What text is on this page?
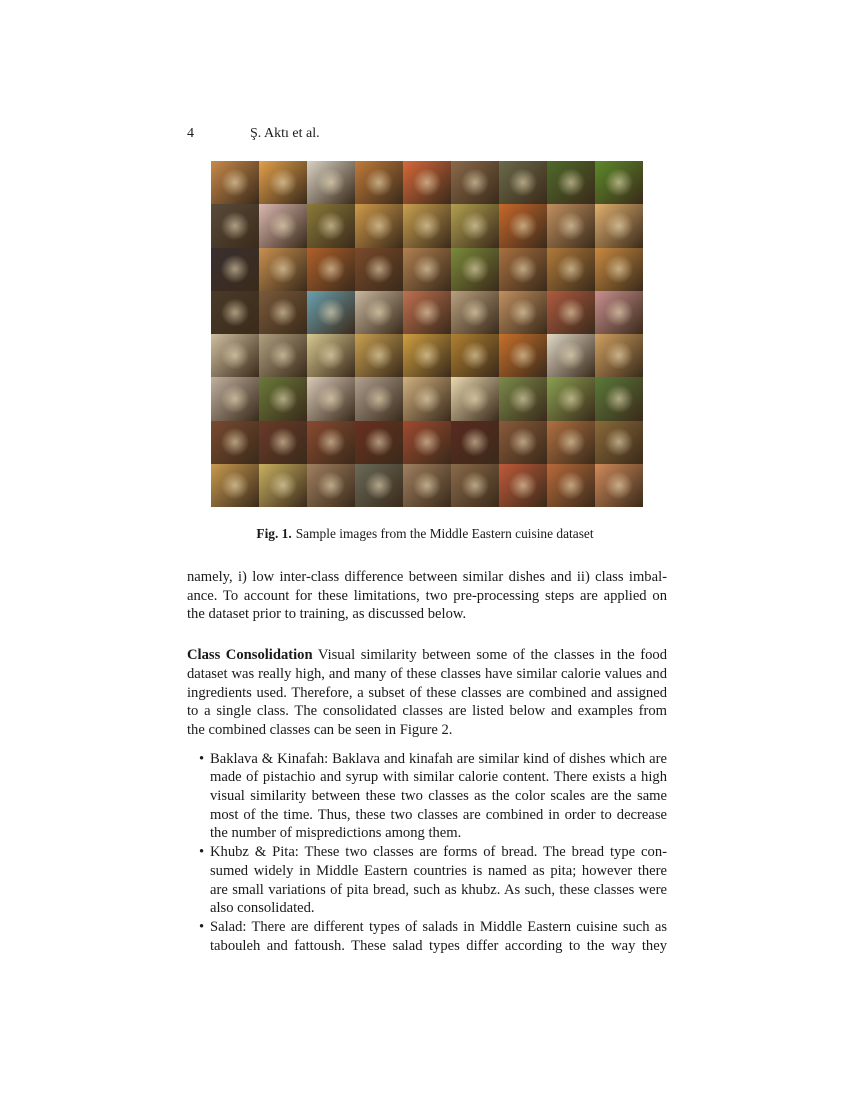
4	Ş. Aktı et al.
Fig. 1. Sample images from the Middle Eastern cuisine dataset
namely, i) low inter-class difference between similar dishes and ii) class imbal-
ance. To account for these limitations, two pre-processing steps are applied on
the dataset prior to training, as discussed below.
Class Consolidation Visual similarity between some of the classes in the food
dataset was really high, and many of these classes have similar calorie values and
ingredients used. Therefore, a subset of these classes are combined and assigned
to a single class. The consolidated classes are listed below and examples from
the combined classes can be seen in Figure 2.
• Baklava & Kinafah: Baklava and kinafah are similar kind of dishes which are
made of pistachio and syrup with similar calorie content. There exists a high
visual similarity between these two classes as the color scales are the same
most of the time. Thus, these two classes are combined in order to decrease
the number of mispredictions among them.
• Khubz & Pita: These two classes are forms of bread. The bread type con-
sumed widely in Middle Eastern countries is named as pita; however there
are small variations of pita bread, such as khubz. As such, these classes were
also consolidated.
• Salad: There are different types of salads in Middle Eastern cuisine such as
tabouleh and fattoush. These salad types differ according to the way they
